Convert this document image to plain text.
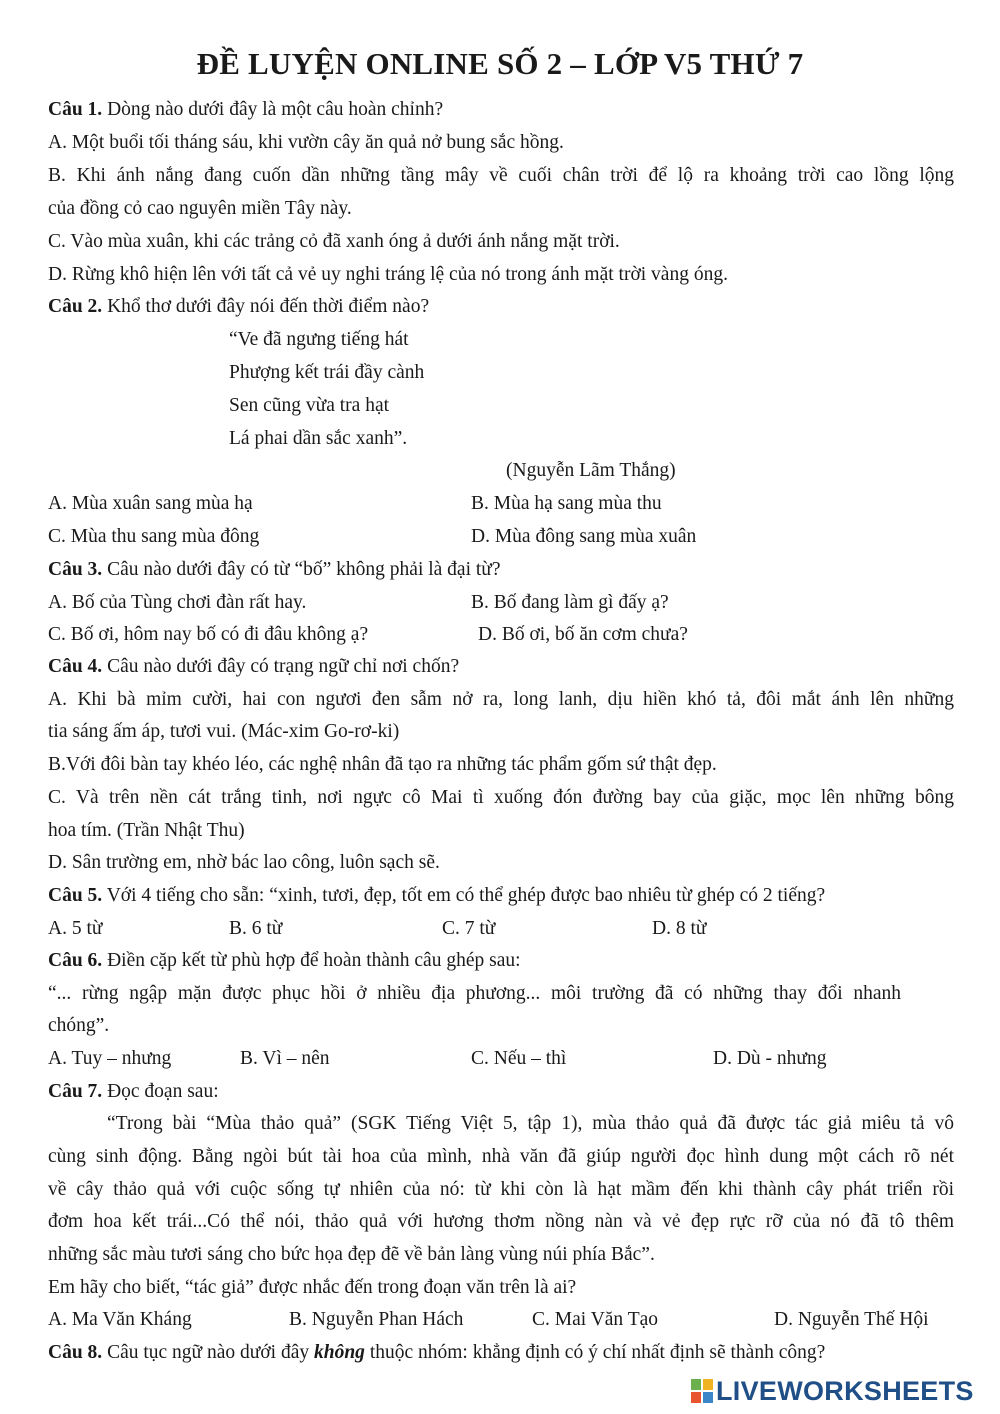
ĐỀ LUYỆN ONLINE SỐ 2 – LỚP V5 THỨ 7
Câu 1. Dòng nào dưới đây là một câu hoàn chỉnh?
A. Một buổi tối tháng sáu, khi vườn cây ăn quả nở bung sắc hồng.
B. Khi ánh nắng đang cuốn dần những tầng mây về cuối chân trời để lộ ra khoảng trời cao lồng lộng
của đồng cỏ cao nguyên miền Tây này.
C. Vào mùa xuân, khi các trảng cỏ đã xanh óng ả dưới ánh nắng mặt trời.
D. Rừng khô hiện lên với tất cả vẻ uy nghi tráng lệ của nó trong ánh mặt trời vàng óng.
Câu 2. Khổ thơ dưới đây nói đến thời điểm nào?
“Ve đã ngưng tiếng hát
Phượng kết trái đầy cành
Sen cũng vừa tra hạt
Lá phai dần sắc xanh”.
(Nguyễn Lãm Thắng)
A. Mùa xuân sang mùa hạ	B. Mùa hạ sang mùa thu
C. Mùa thu sang mùa đông	D. Mùa đông sang mùa xuân
Câu 3. Câu nào dưới đây có từ “bố” không phải là đại từ?
A. Bố của Tùng chơi đàn rất hay.	B. Bố đang làm gì đấy ạ?
C. Bố ơi, hôm nay bố có đi đâu không ạ?	D. Bố ơi, bố ăn cơm chưa?
Câu 4. Câu nào dưới đây có trạng ngữ chỉ nơi chốn?
A. Khi bà mỉm cười, hai con ngươi đen sẫm nở ra, long lanh, dịu hiền khó tả, đôi mắt ánh lên những
tia sáng ấm áp, tươi vui. (Mác-xim Go-rơ-ki)
B.Với đôi bàn tay khéo léo, các nghệ nhân đã tạo ra những tác phẩm gốm sứ thật đẹp.
C. Và trên nền cát trắng tinh, nơi ngực cô Mai tì xuống đón đường bay của giặc, mọc lên những bông
hoa tím. (Trần Nhật Thu)
D. Sân trường em, nhờ bác lao công, luôn sạch sẽ.
Câu 5. Với 4 tiếng cho sẵn: “xinh, tươi, đẹp, tốt em có thể ghép được bao nhiêu từ ghép có 2 tiếng?
A. 5 từ	B. 6 từ	C. 7 từ	D. 8 từ
Câu 6. Điền cặp kết từ phù hợp để hoàn thành câu ghép sau:
“... rừng ngập mặn được phục hồi ở nhiều địa phương... môi trường đã có những thay đổi nhanh
chóng”.
A. Tuy – nhưng	B. Vì – nên	C. Nếu – thì	D. Dù - nhưng
Câu 7. Đọc đoạn sau:
“Trong bài “Mùa thảo quả” (SGK Tiếng Việt 5, tập 1), mùa thảo quả đã được tác giả miêu tả vô
cùng sinh động. Bằng ngòi bút tài hoa của mình, nhà văn đã giúp người đọc hình dung một cách rõ nét
về cây thảo quả với cuộc sống tự nhiên của nó: từ khi còn là hạt mầm đến khi thành cây phát triển rồi
đơm hoa kết trái...Có thể nói, thảo quả với hương thơm nồng nàn và vẻ đẹp rực rỡ của nó đã tô thêm
những sắc màu tươi sáng cho bức họa đẹp đẽ về bản làng vùng núi phía Bắc”.
Em hãy cho biết, “tác giả” được nhắc đến trong đoạn văn trên là ai?
A. Ma Văn Kháng	B. Nguyễn Phan Hách	C. Mai Văn Tạo	D. Nguyễn Thế Hội
Câu 8. Câu tục ngữ nào dưới đây không thuộc nhóm: khẳng định có ý chí nhất định sẽ thành công?
LIVEWORKSHEETS
